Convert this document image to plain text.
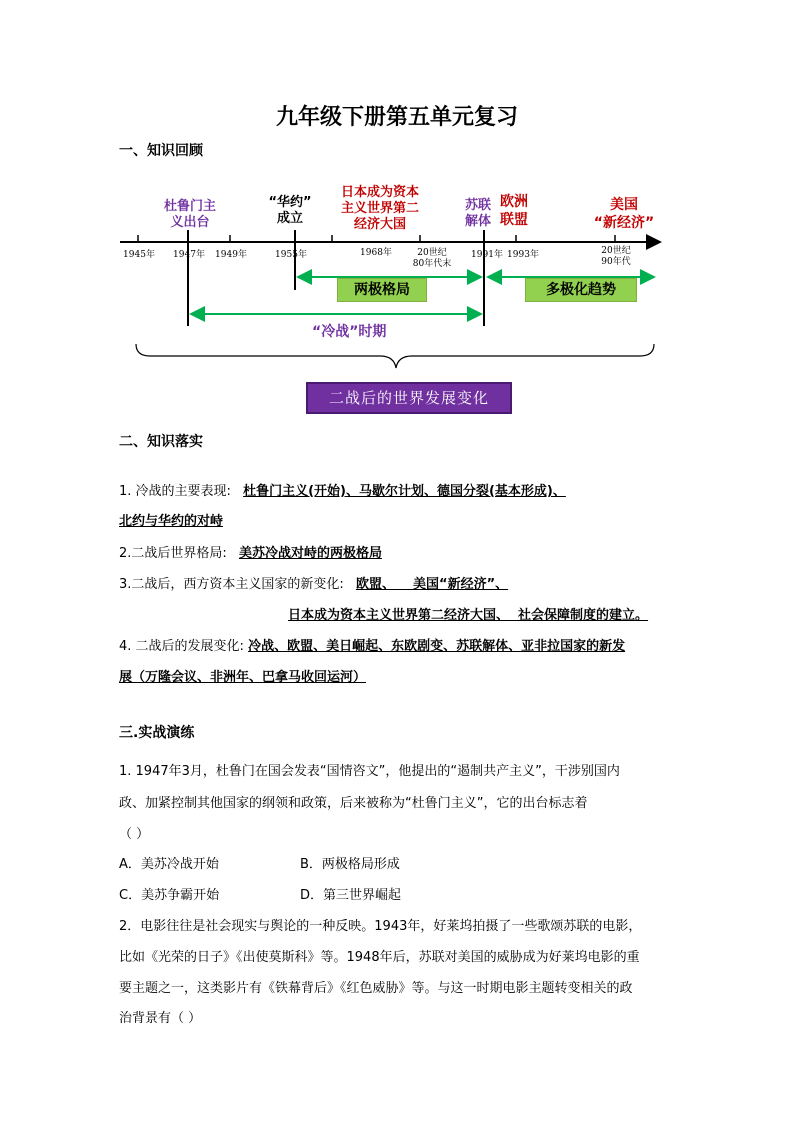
九年级下册第五单元复习
一、知识回顾
杜鲁门主
义出台
“华约”
成立
日本成为资本
主义世界第二
经济大国
苏联
解体
欧洲
联盟
美国
“新经济”
1945年	1947年	1949年	1955年	1968年	20世纪
80年代末
1991年 1993年	20世纪
90年代
两极格局	多极化趋势
“冷战”时期
二战后的世界发展变化
二、知识落实
1. 冷战的主要表现: 杜鲁门主义(开始)、马歇尔计划、德国分裂(基本形成)、
北约与华约的对峙
2.二战后世界格局: 美苏冷战对峙的两极格局
3.二战后，西方资本主义国家的新变化: 欧盟、    美国“新经济”、
日本成为资本主义世界第二经济大国、  社会保障制度的建立。
4. 二战后的发展变化: 冷战、欧盟、美日崛起、东欧剧变、苏联解体、亚非拉国家的新发
展（万隆会议、非洲年、巴拿马收回运河）
三.实战演练
1. 1947年3月，杜鲁门在国会发表“国情咨文”，他提出的“遏制共产主义”，干涉别国内
政、加紧控制其他国家的纲领和政策，后来被称为“杜鲁门主义”，它的出台标志着
（ ）
A．美苏冷战开始	B．两极格局形成
C．美苏争霸开始	D．第三世界崛起
2．电影往往是社会现实与舆论的一种反映。1943年，好莱坞拍摄了一些歌颂苏联的电影，
比如《光荣的日子》《出使莫斯科》等。1948年后，苏联对美国的威胁成为好莱坞电影的重
要主题之一，这类影片有《铁幕背后》《红色威胁》等。与这一时期电影主题转变相关的政
治背景有（ ）
